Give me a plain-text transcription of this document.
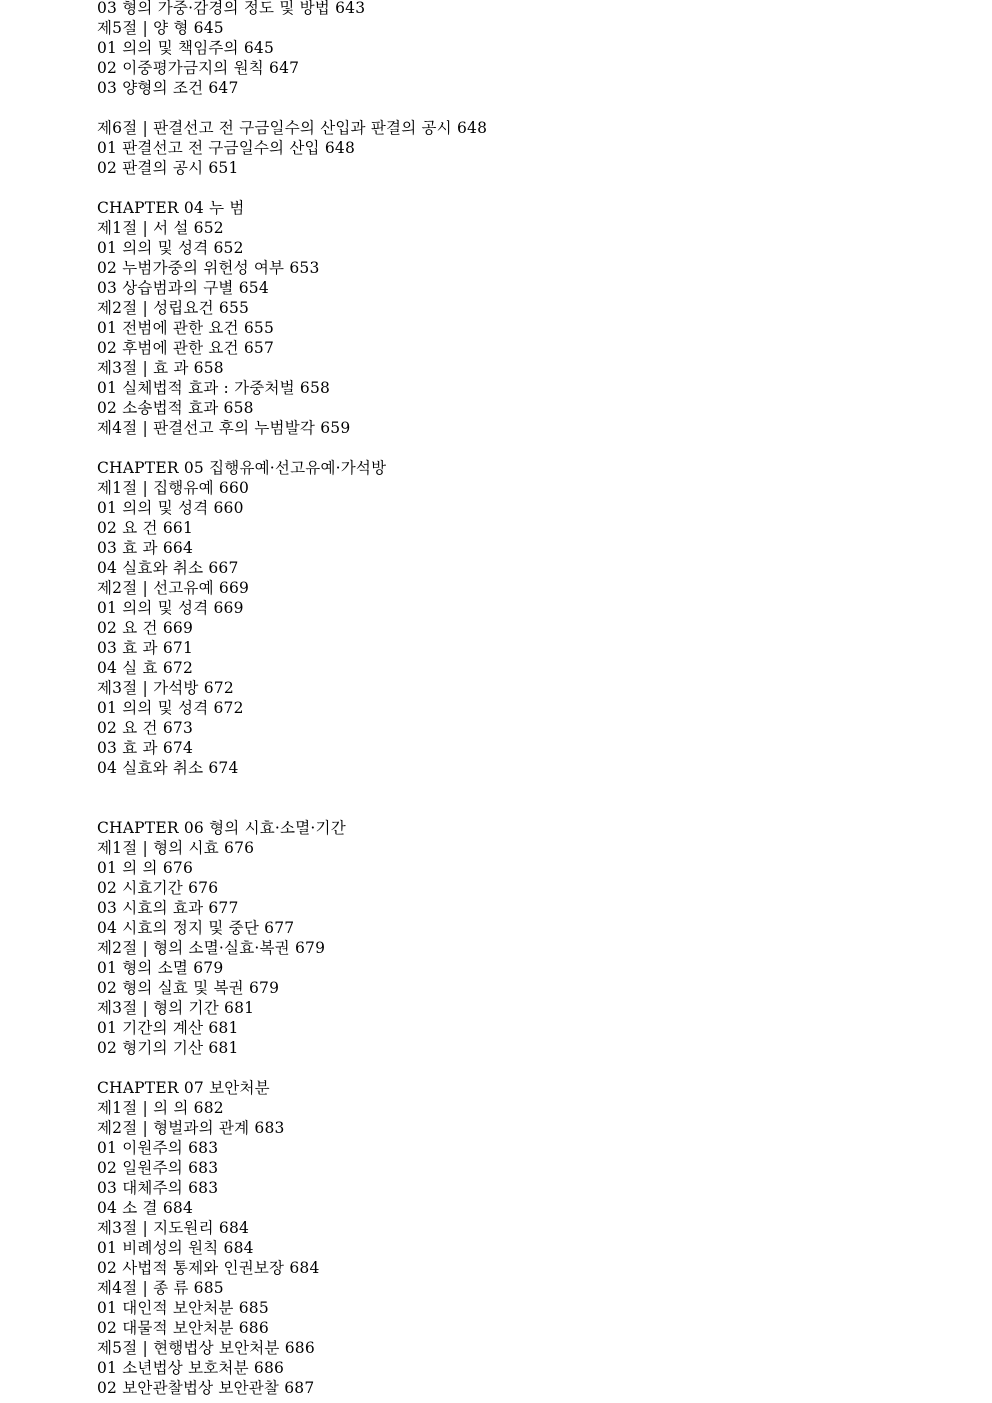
03 형의 가중·감경의 정도 및 방법 643
제5절 | 양 형 645
01 의의 및 책임주의 645
02 이중평가금지의 원칙 647
03 양형의 조건 647
제6절 | 판결선고 전 구금일수의 산입과 판결의 공시 648
01 판결선고 전 구금일수의 산입 648
02 판결의 공시 651
CHAPTER 04 누 범
제1절 | 서 설 652
01 의의 및 성격 652
02 누범가중의 위헌성 여부 653
03 상습범과의 구별 654
제2절 | 성립요건 655
01 전범에 관한 요건 655
02 후범에 관한 요건 657
제3절 | 효 과 658
01 실체법적 효과 : 가중처벌 658
02 소송법적 효과 658
제4절 | 판결선고 후의 누범발각 659
CHAPTER 05 집행유예·선고유예·가석방
제1절 | 집행유예 660
01 의의 및 성격 660
02 요 건 661
03 효 과 664
04 실효와 취소 667
제2절 | 선고유예 669
01 의의 및 성격 669
02 요 건 669
03 효 과 671
04 실 효 672
제3절 | 가석방 672
01 의의 및 성격 672
02 요 건 673
03 효 과 674
04 실효와 취소 674
CHAPTER 06 형의 시효·소멸·기간
제1절 | 형의 시효 676
01 의 의 676
02 시효기간 676
03 시효의 효과 677
04 시효의 정지 및 중단 677
제2절 | 형의 소멸·실효·복권 679
01 형의 소멸 679
02 형의 실효 및 복권 679
제3절 | 형의 기간 681
01 기간의 계산 681
02 형기의 기산 681
CHAPTER 07 보안처분
제1절 | 의 의 682
제2절 | 형벌과의 관계 683
01 이원주의 683
02 일원주의 683
03 대체주의 683
04 소 결 684
제3절 | 지도원리 684
01 비례성의 원칙 684
02 사법적 통제와 인권보장 684
제4절 | 종 류 685
01 대인적 보안처분 685
02 대물적 보안처분 686
제5절 | 현행법상 보안처분 686
01 소년법상 보호처분 686
02 보안관찰법상 보안관찰 687
